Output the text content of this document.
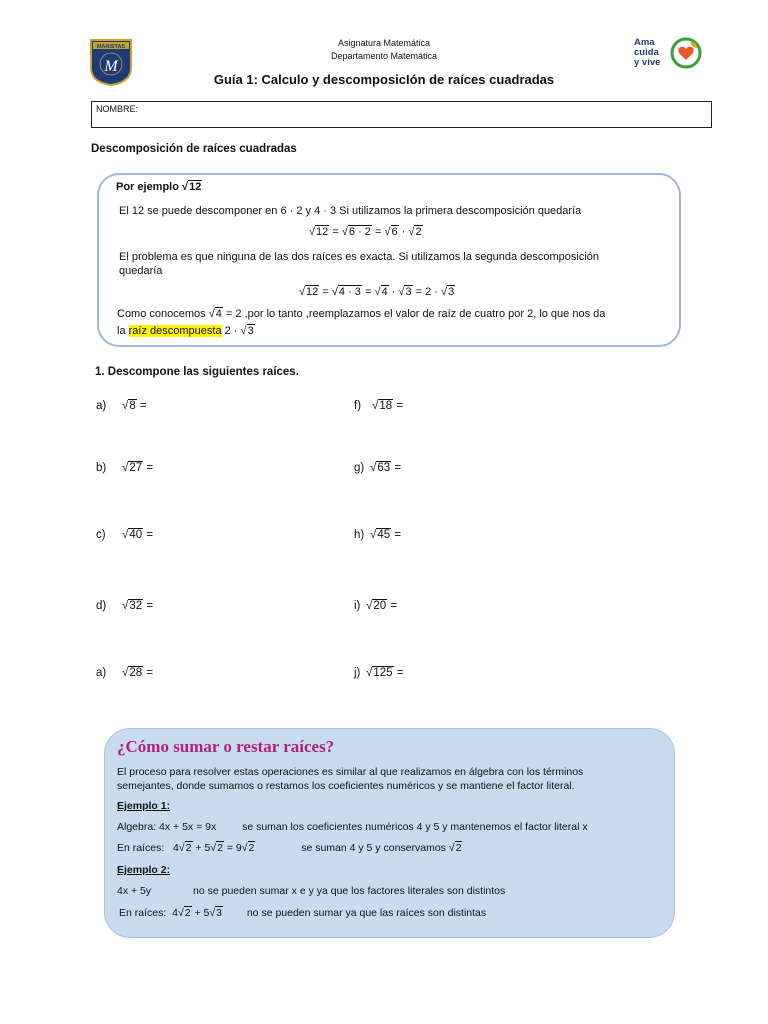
MARISTAS
M
Asignatura Matemática
Departamento Matemática
Ama
cuida
y vive
Guía 1: Calculo y descomposicIón de raíces cuadradas
NOMBRE:
Descomposición de raíces cuadradas
Por ejemplo √12
El 12 se puede descomponer en 6 · 2 y 4 · 3 Si utilizamos la primera descomposición quedaría
√12 = √6 · 2 = √6 · √2
El problema es que ninguna de las dos raíces es exacta. Si utilizamos la segunda descomposición
quedaría
√12 = √4 · 3 = √4 · √3 = 2 · √3
Como conocemos √4 = 2 ,por lo tanto ,reemplazamos el valor de raíz de cuatro por 2, lo que nos da
la raíz descompuesta 2 · √3
1. Descompone las siguientes raíces.
a) √8 =
b) √27 =
c) √40 =
d) √32 =
a) √28 =
f) √18 =
g) √63 =
h) √45 =
i) √20 =
j) √125 =
¿Cómo sumar o restar raíces?
El proceso para resolver estas operaciones es similar al que realizamos en álgebra con los términos
semejantes, donde sumamos o restamos los coeficientes numéricos y se mantiene el factor literal.
Ejemplo 1:
Algebra: 4x + 5x = 9x se suman los coeficientes numéricos 4 y 5 y mantenemos el factor literal x
En raíces: 4√2 + 5√2 = 9√2	se suman 4 y 5 y conservamos √2
Ejemplo 2:
4x + 5y	no se pueden sumar x e y ya que los factores literales son distintos
En raíces: 4√2 + 5√3 no se pueden sumar ya que las raíces son distintas
